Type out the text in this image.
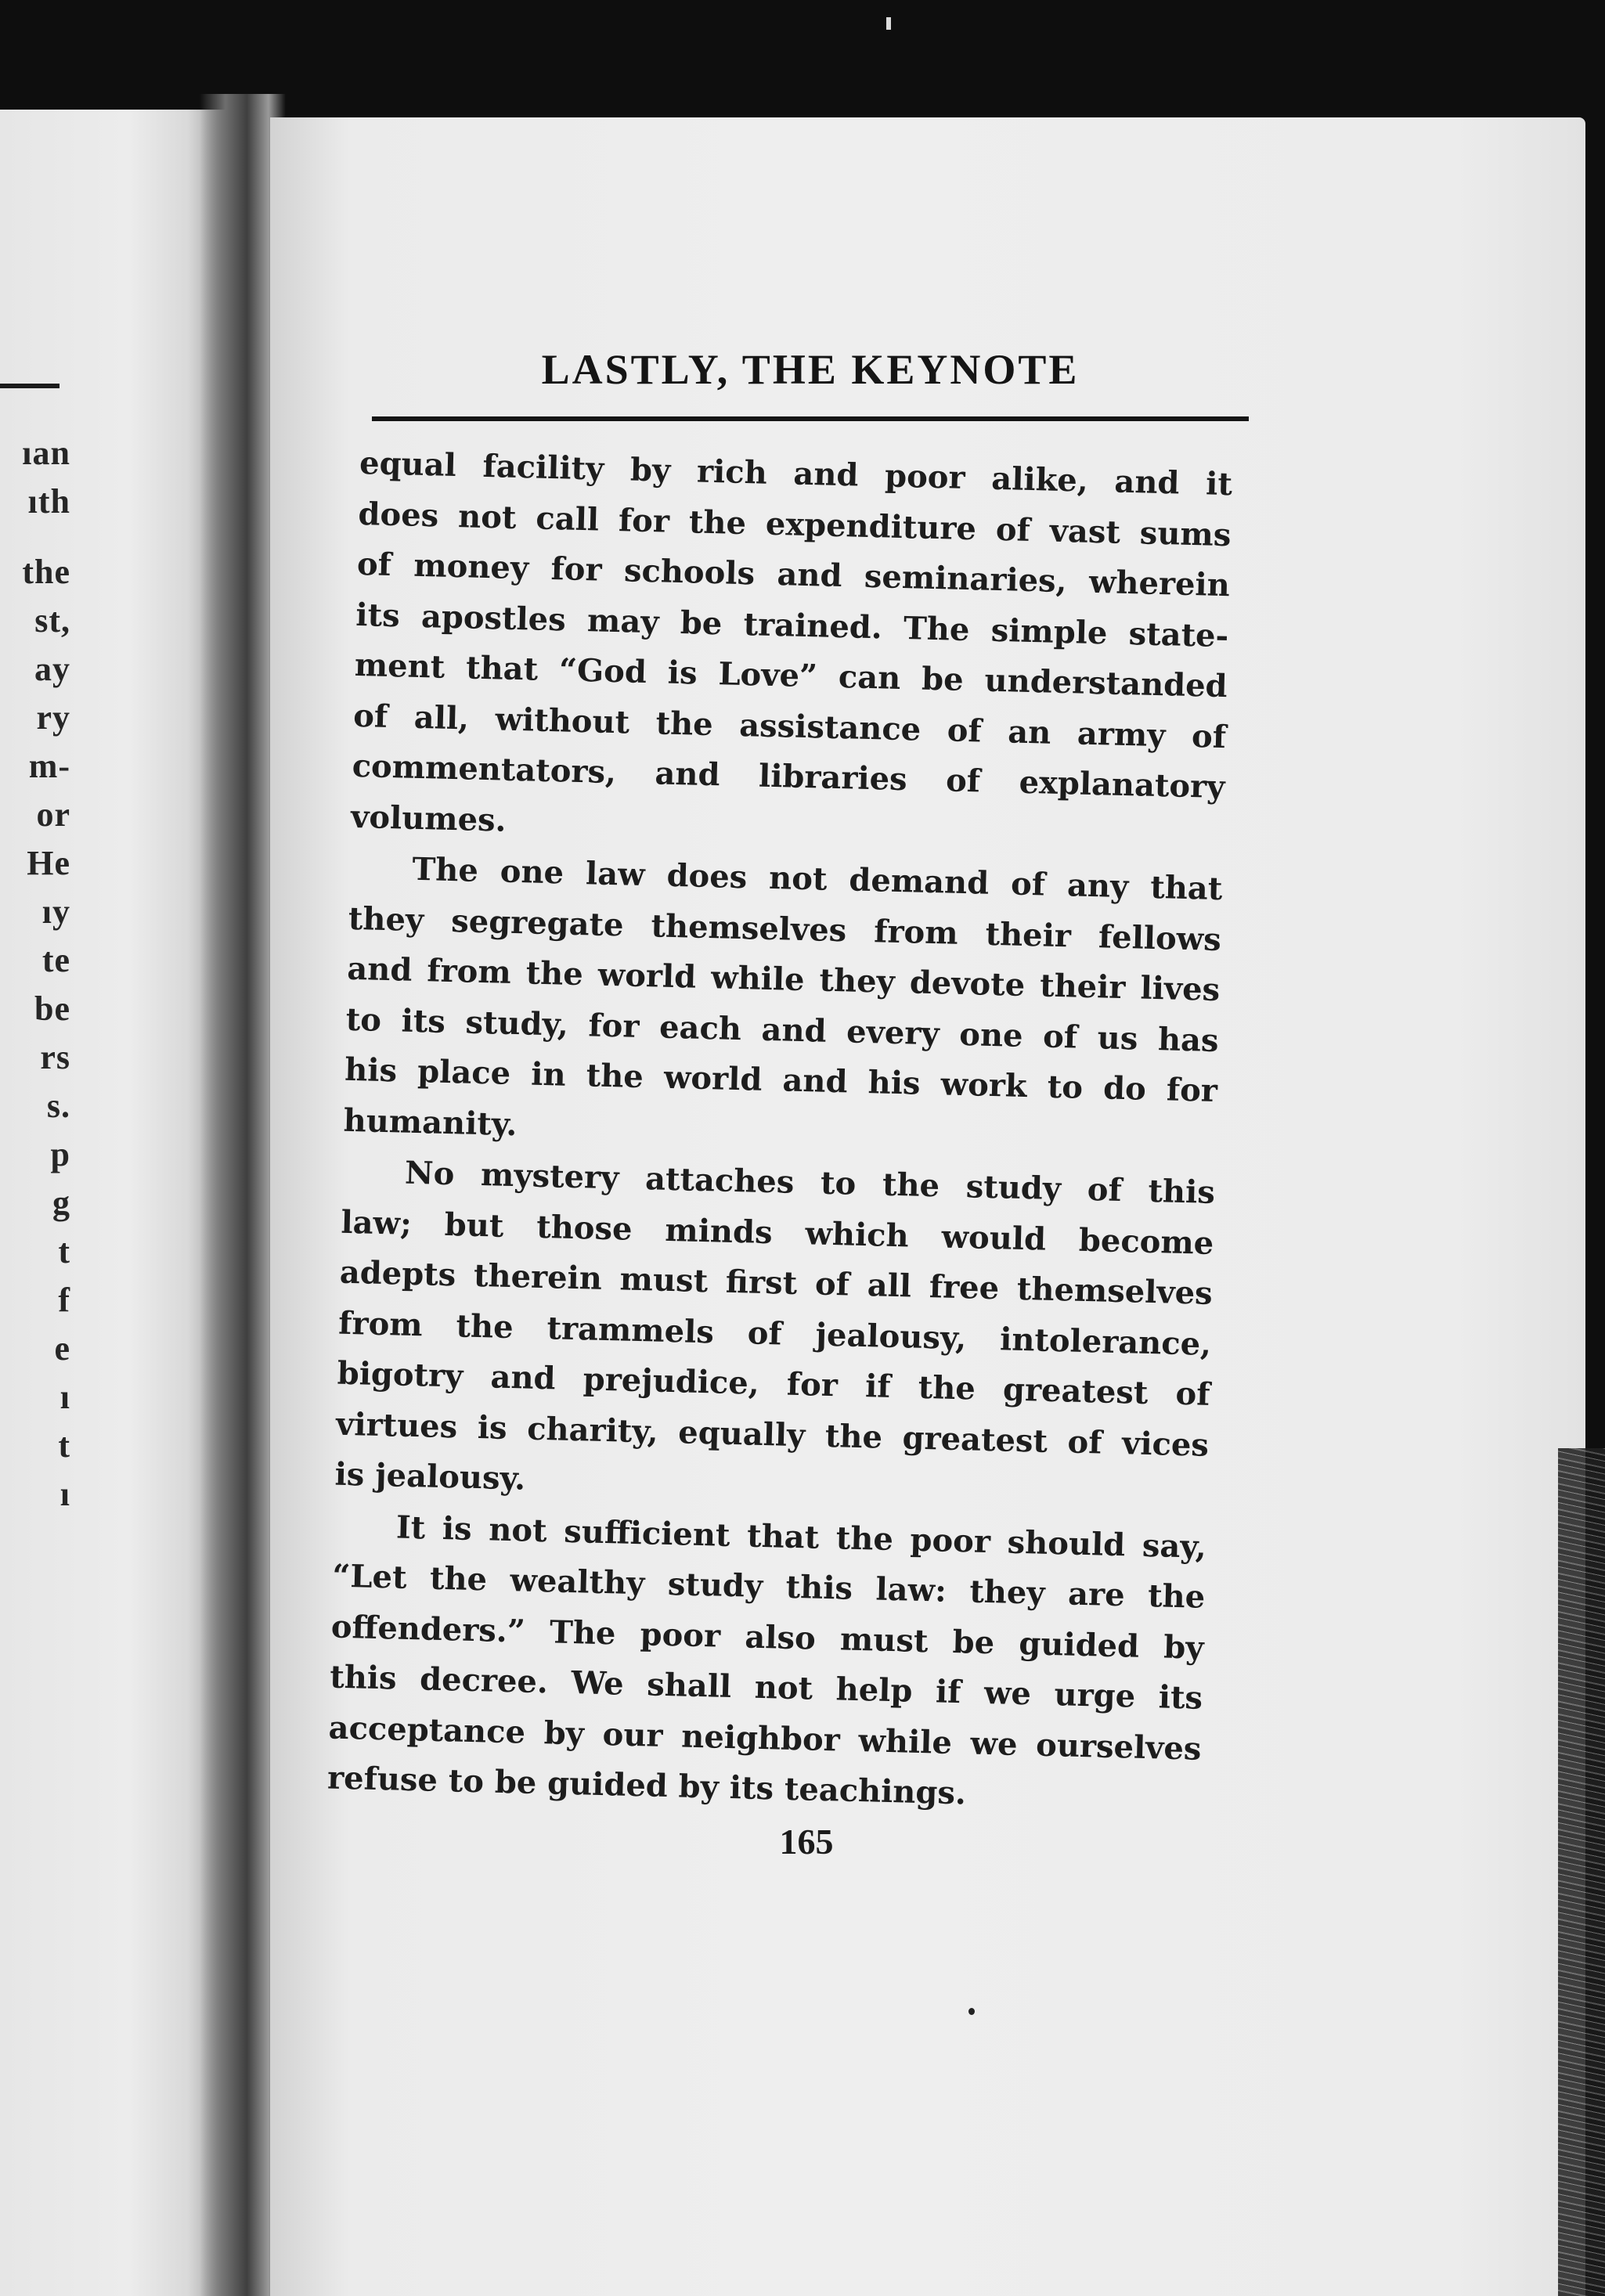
ıan
ıth
the
st,
ay
ry
m-
or
He
ıy
te
be
rs
s.
p
g
t
f
e
ı
t
ı
LASTLY, THE KEYNOTE
equal facility by rich and poor alike, and it
does not call for the expenditure of vast sums
of money for schools and seminaries, wherein
its apostles may be trained. The simple state-
ment that “God is Love” can be understanded
of all, without the assistance of an army of
commentators, and libraries of explanatory
volumes.
The one law does not demand of any that
they segregate themselves from their fellows
and from the world while they devote their lives
to its study, for each and every one of us has
his place in the world and his work to do for
humanity.
No mystery attaches to the study of this
law; but those minds which would become
adepts therein must first of all free themselves
from the trammels of jealousy, intolerance,
bigotry and prejudice, for if the greatest of
virtues is charity, equally the greatest of vices
is jealousy.
It is not sufficient that the poor should say,
“Let the wealthy study this law: they are the
offenders.” The poor also must be guided by
this decree. We shall not help if we urge its
acceptance by our neighbor while we ourselves
refuse to be guided by its teachings.
165
